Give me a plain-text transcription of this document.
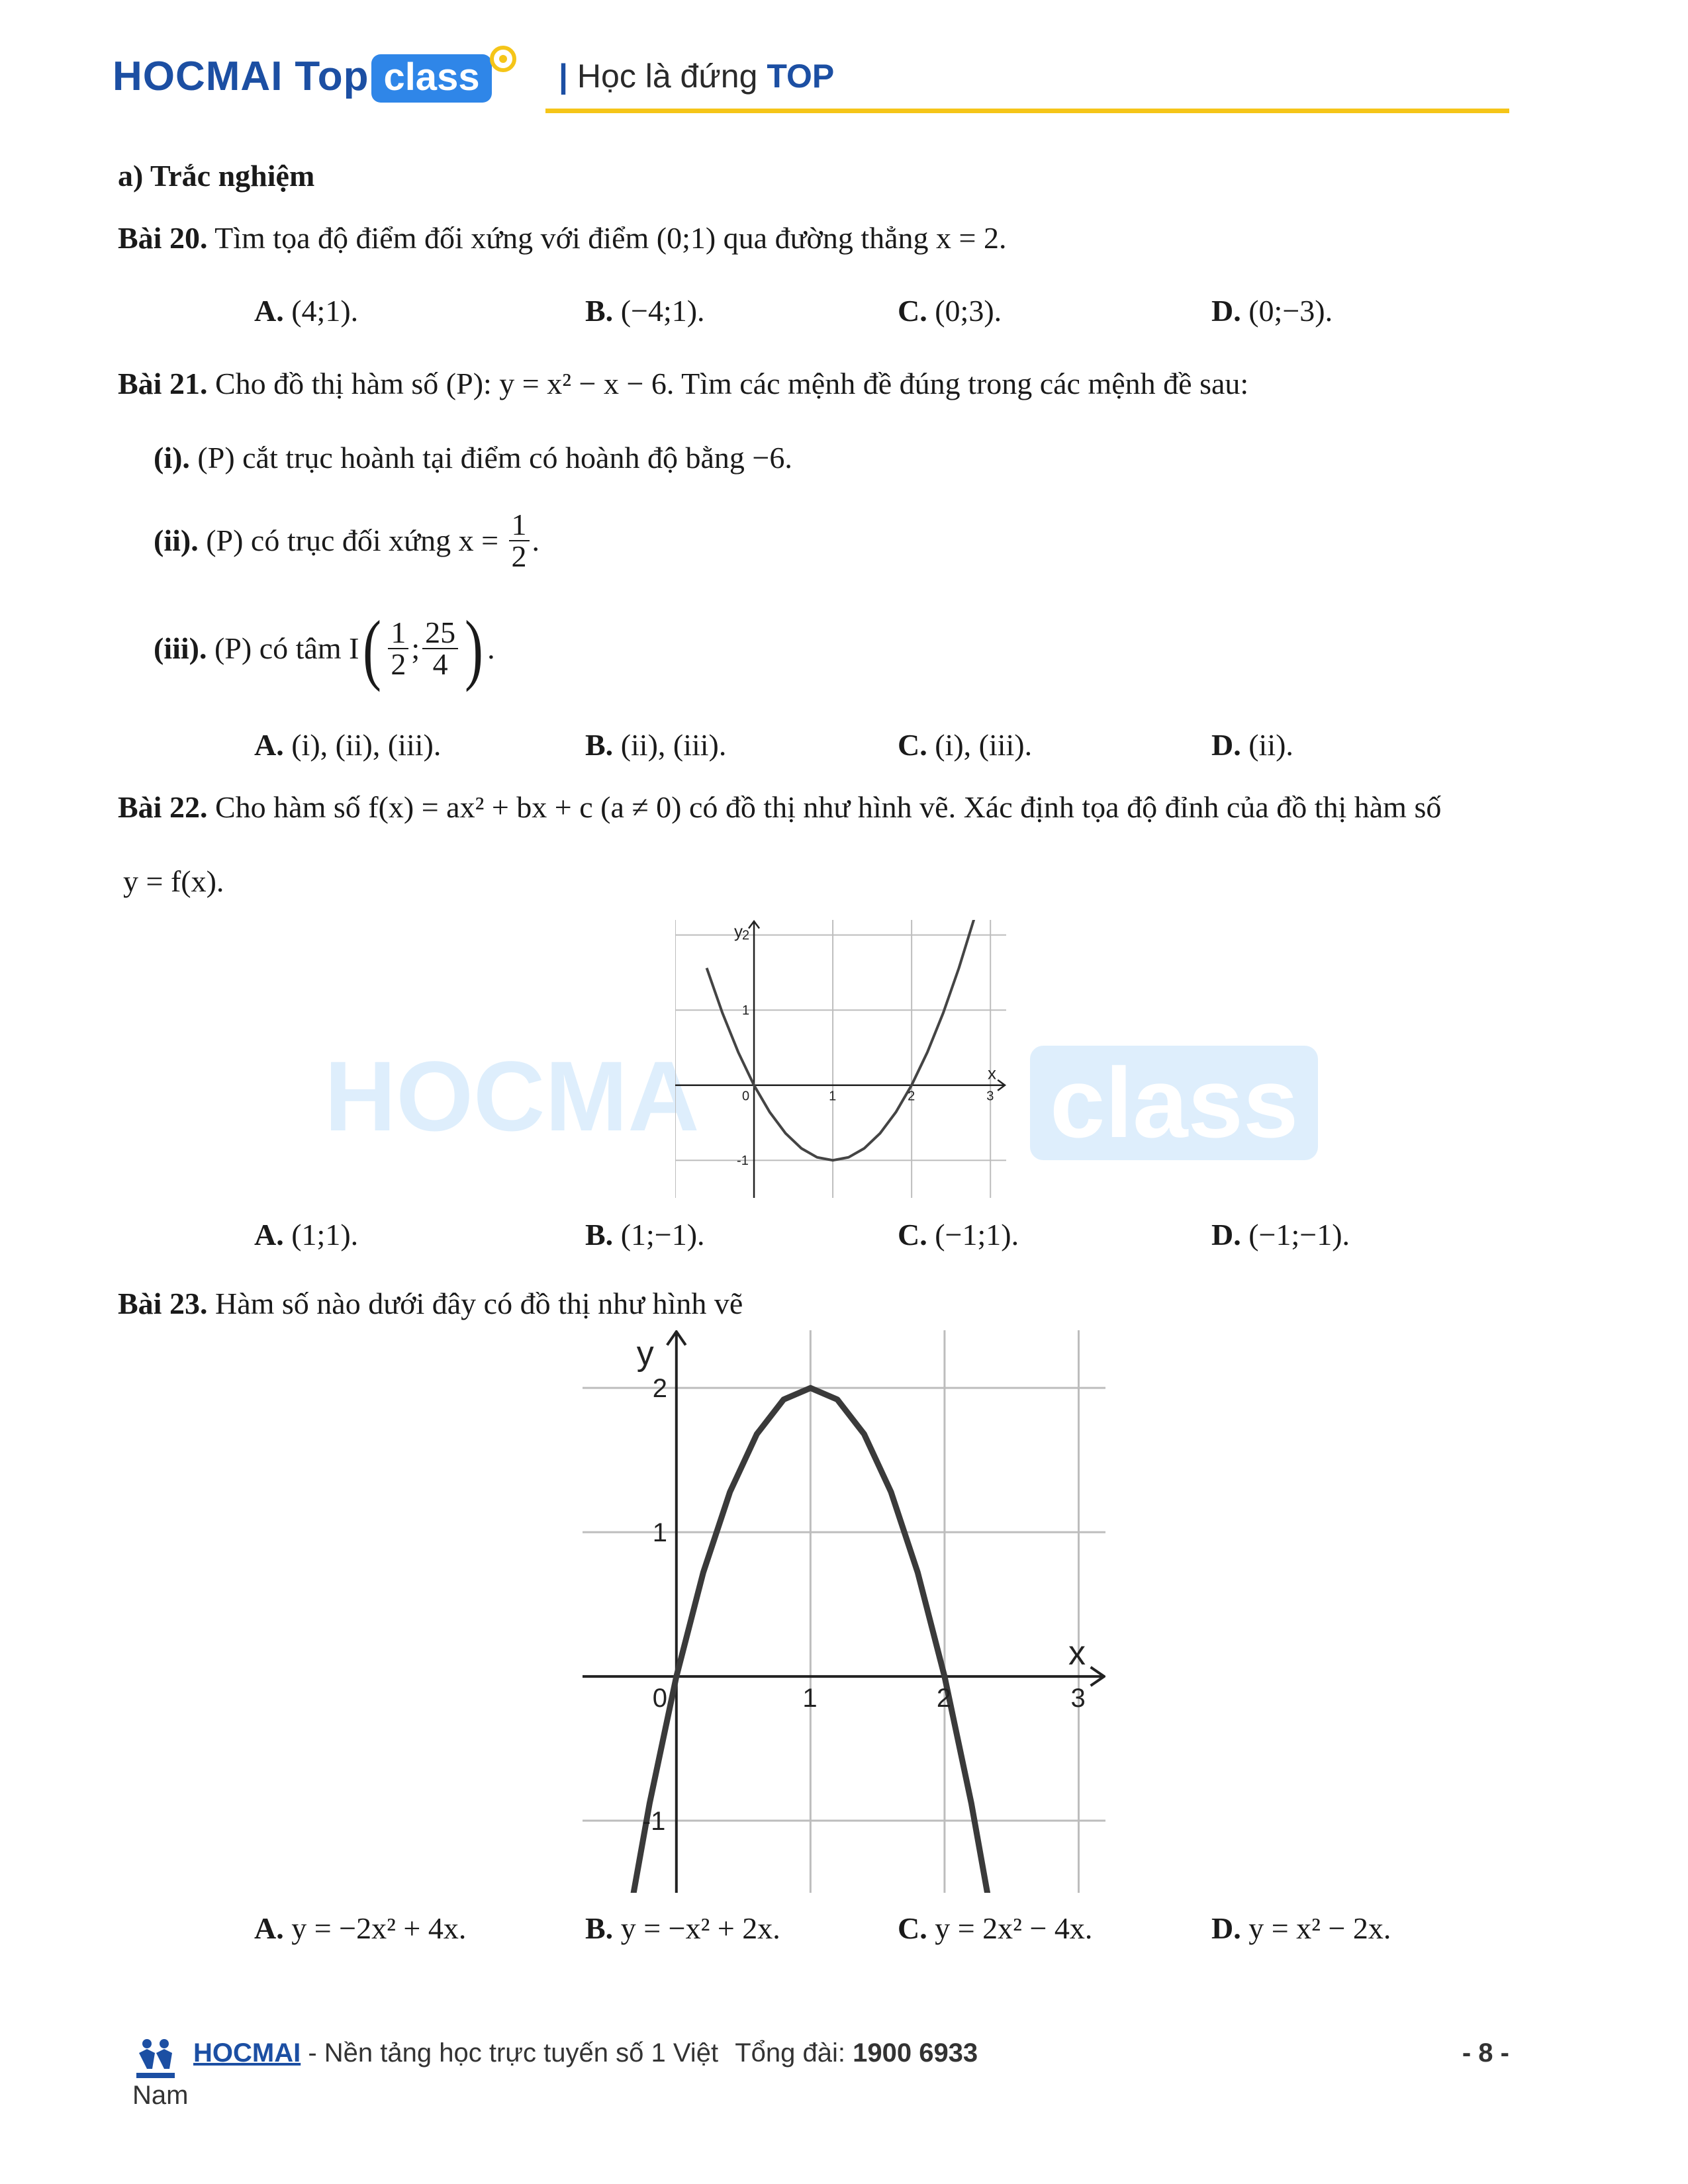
HOCMAI Top class	| Học là đứng TOP
a) Trắc nghiệm
Bài 20. Tìm tọa độ điểm đối xứng với điểm (0;1) qua đường thẳng x = 2.
A. (4;1).	B. (−4;1).	C. (0;3).	D. (0;−3).
Bài 21. Cho đồ thị hàm số (P): y = x² − x − 6. Tìm các mệnh đề đúng trong các mệnh đề sau:
(i). (P) cắt trục hoành tại điểm có hoành độ bằng −6.
(ii). (P) có trục đối xứng $x = \frac{1}{2}$ .
(iii). (P) có tâm $I( \frac{1}{2}$ ; $\frac{25}{4}$ ) .
A. (i), (ii), (iii).	B. (ii), (iii).	C. (i), (iii).	D. (ii).
Bài 22. Cho hàm số f(x) = ax² + bx + c (a ≠ 0) có đồ thị như hình vẽ. Xác định tọa độ đỉnh của đồ thị hàm số
y = f(x).
HOCMA	class
0	1	2	3
-1
1
2
x
y
A. (1;1).	B. (1;−1).	C. (−1;1).	D. (−1;−1).
Bài 23. Hàm số nào dưới đây có đồ thị như hình vẽ
0	1	2	3
-1
1
2
x
y
A. y = −2x² + 4x.	B. y = −x² + 2x.	C. y = 2x² − 4x.	D. y = x² − 2x.
HOCMAI - Nền tảng học trực tuyến số 1 Việt Tổng đài: 1900 6933
Nam
- 8 -
